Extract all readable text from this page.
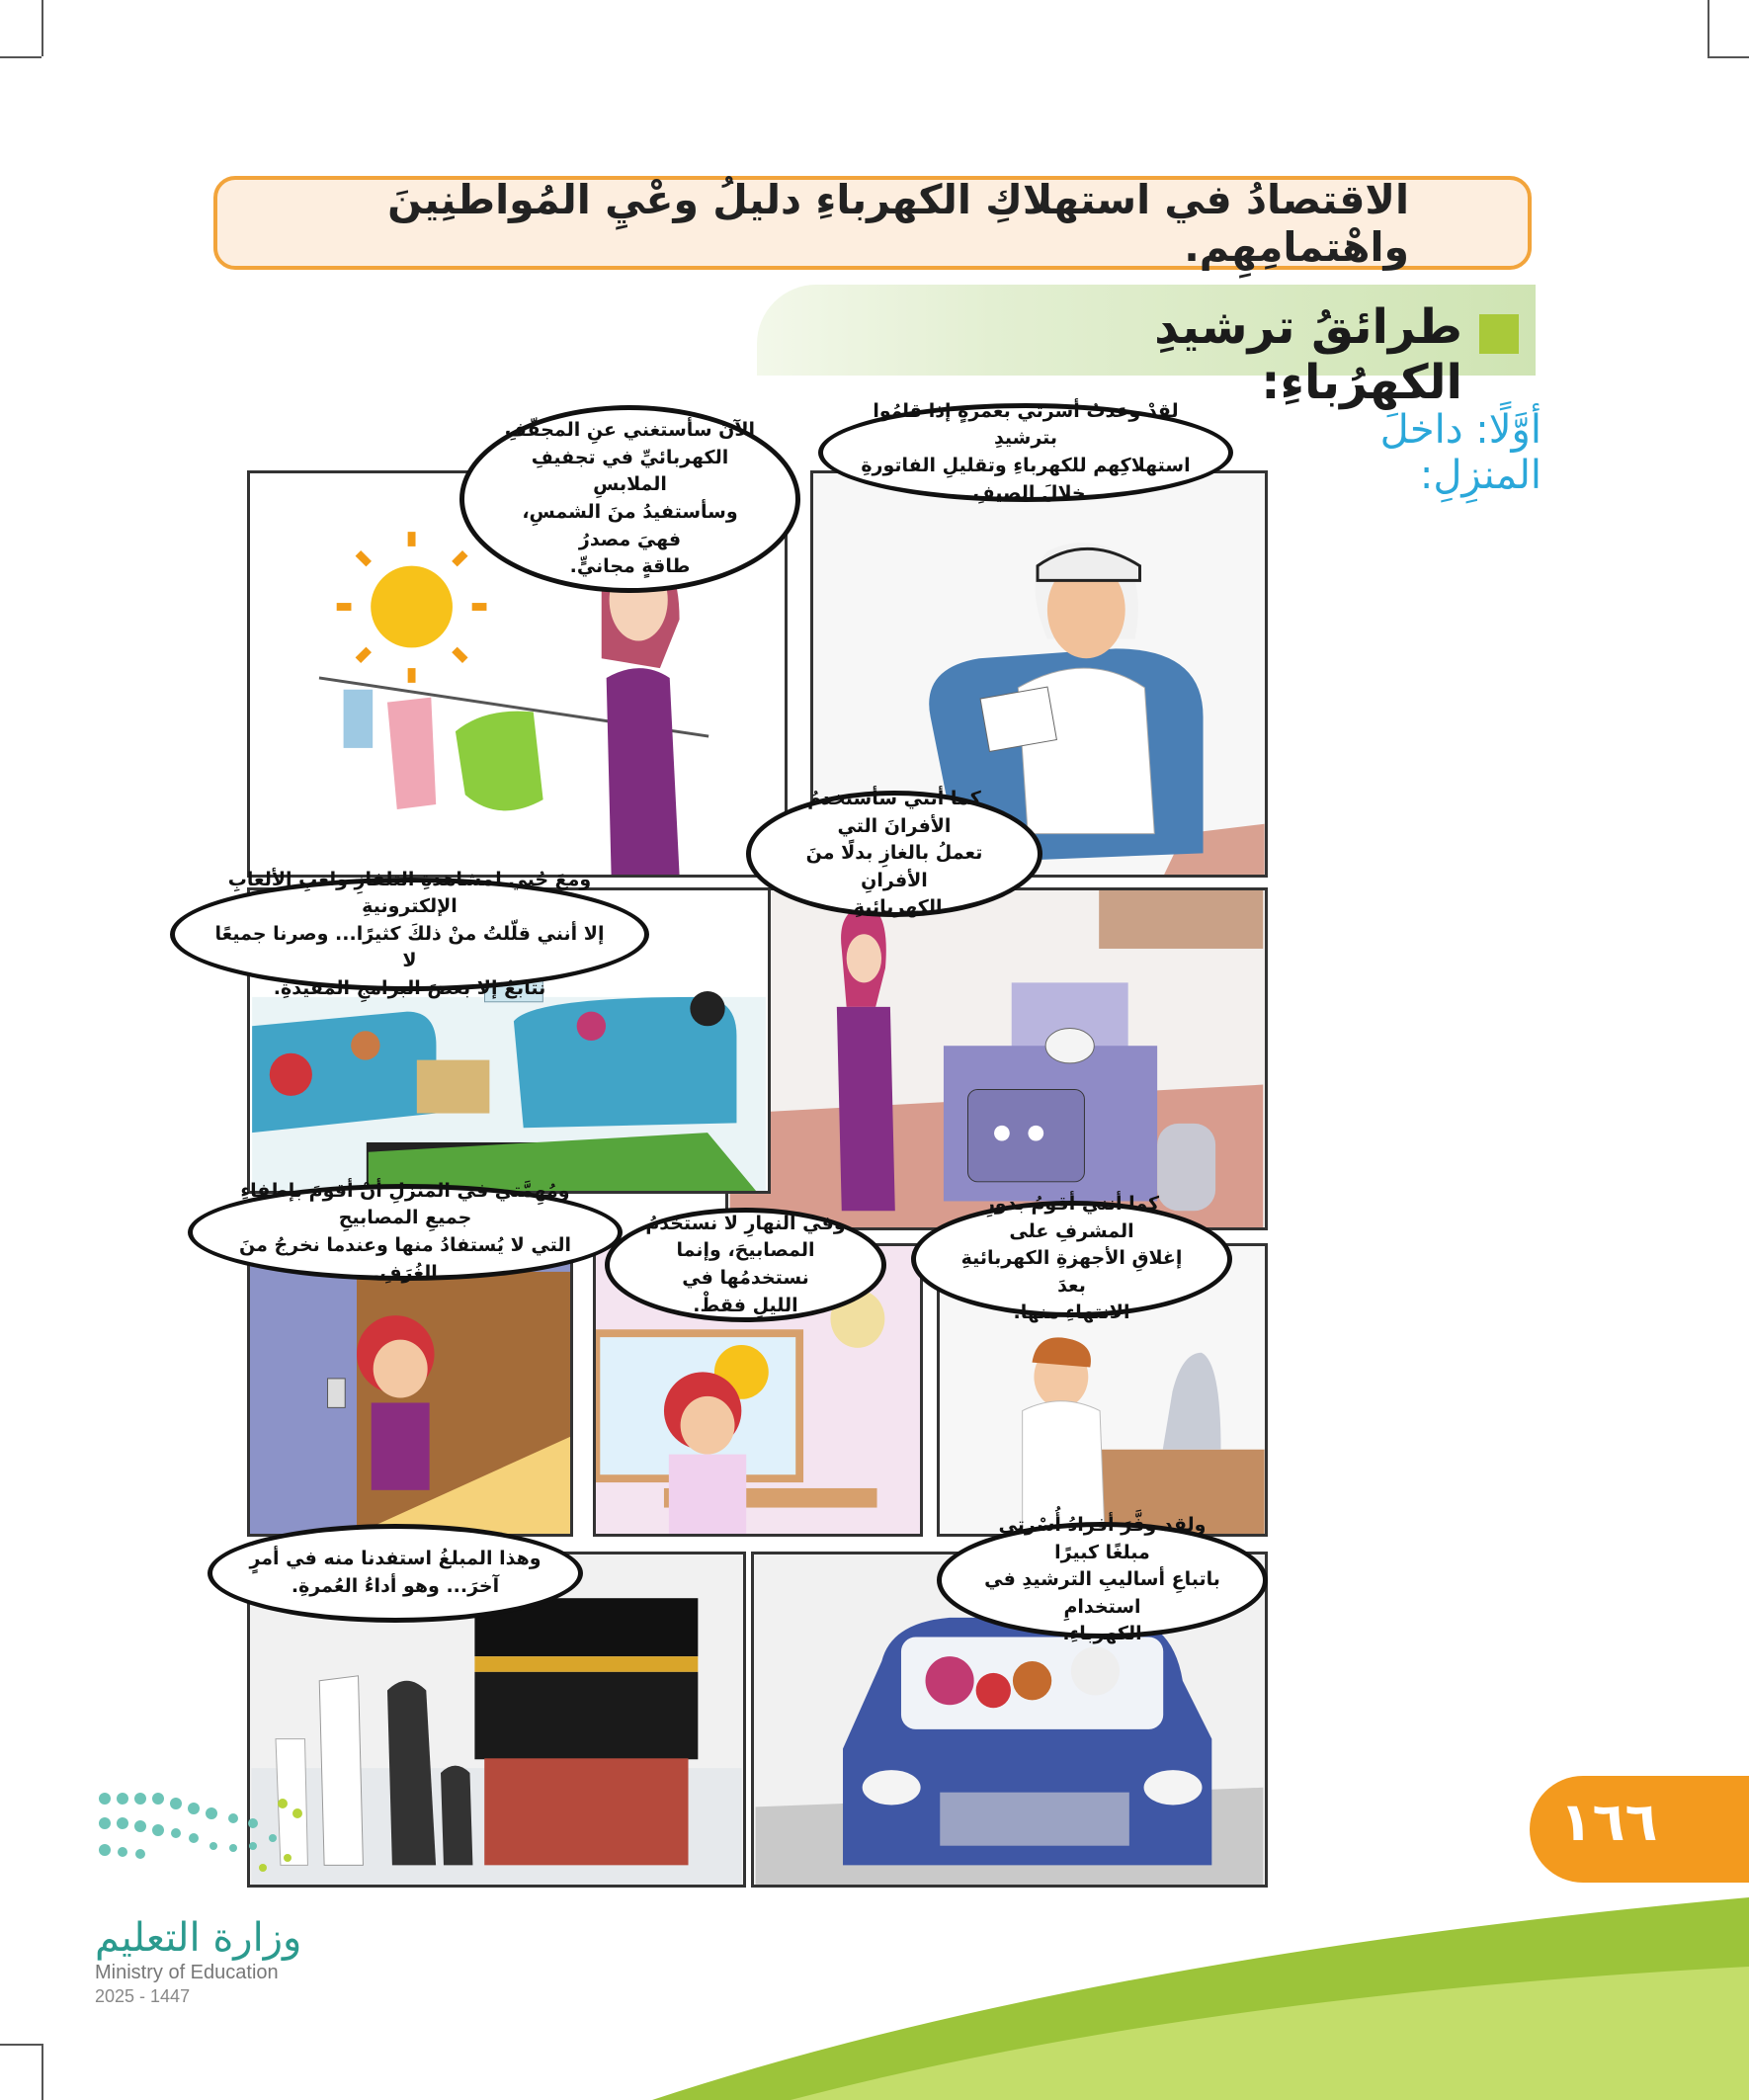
الاقتصادُ في استهلاكِ الكهرباءِ دليلُ وعْيِ المُواطنِينَ واهْتمامِهِم.
طرائقُ ترشيدِ الكهرُباءِ:
أوَّلًا: داخلَ المنزِلِ:
لقدْ وعدتُ أسرتي بعمرةٍ إذا قامُوا بترشيدِ
استهلاكِهم للكهرباءِ وتقليلِ الفاتورةِ خلالَ الصيفِ.
الآنَ سأستغني عنِ المجفّفِ
الكهربائيِّ في تجفيفِ الملابسِ
وسأستفيدُ منَ الشمسِ، فهيَ مصدرُ
طاقةٍ مجانيٍّ.
كما أنني سأستخدمُ الأفرانَ التي
تعملُ بالغازِ بدلًا منَ الأفرانِ
الكهربائيةِ.
ومعَ حُبي لمشاهدةِ التلفازِ ولعبِ الألعابِ الإلكترونيةِ
إلا أنني قلّلتُ منْ ذلكَ كثيرًا... وصرنا جميعًا لا
نتابعُ إلا بعضَ البرامجِ المفيدةِ.
ومُهِمَّتي في المنزلِ أنْ أقومَ بإطفاءِ جميعِ المصابيحِ
التي لا يُستفادُ منها وعندما نخرجُ منَ الغُرَفِ.
وفي النهارِ لا نستخدمُ
المصابيحَ، وإنما نستخدمُها في
الليلِ فقطْ.
كما أنني أقومُ بدورِ المشرفِ على
إغلاقِ الأجهزةِ الكهربائيةِ بعدَ
الانتهاءِ منها.
وهذا المبلغُ استفدنا منه في أمرٍ
آخرَ... وهو أداءُ العُمرةِ.
ولقد وفَّرَ أفرادُ أُسْرتي مبلغًا كبيرًا
باتباعِ أساليبِ الترشيدِ في استخدامِ
الكهرباءِ.
١٦٦
وزارة التعليم
Ministry of Education
2025 - 1447
